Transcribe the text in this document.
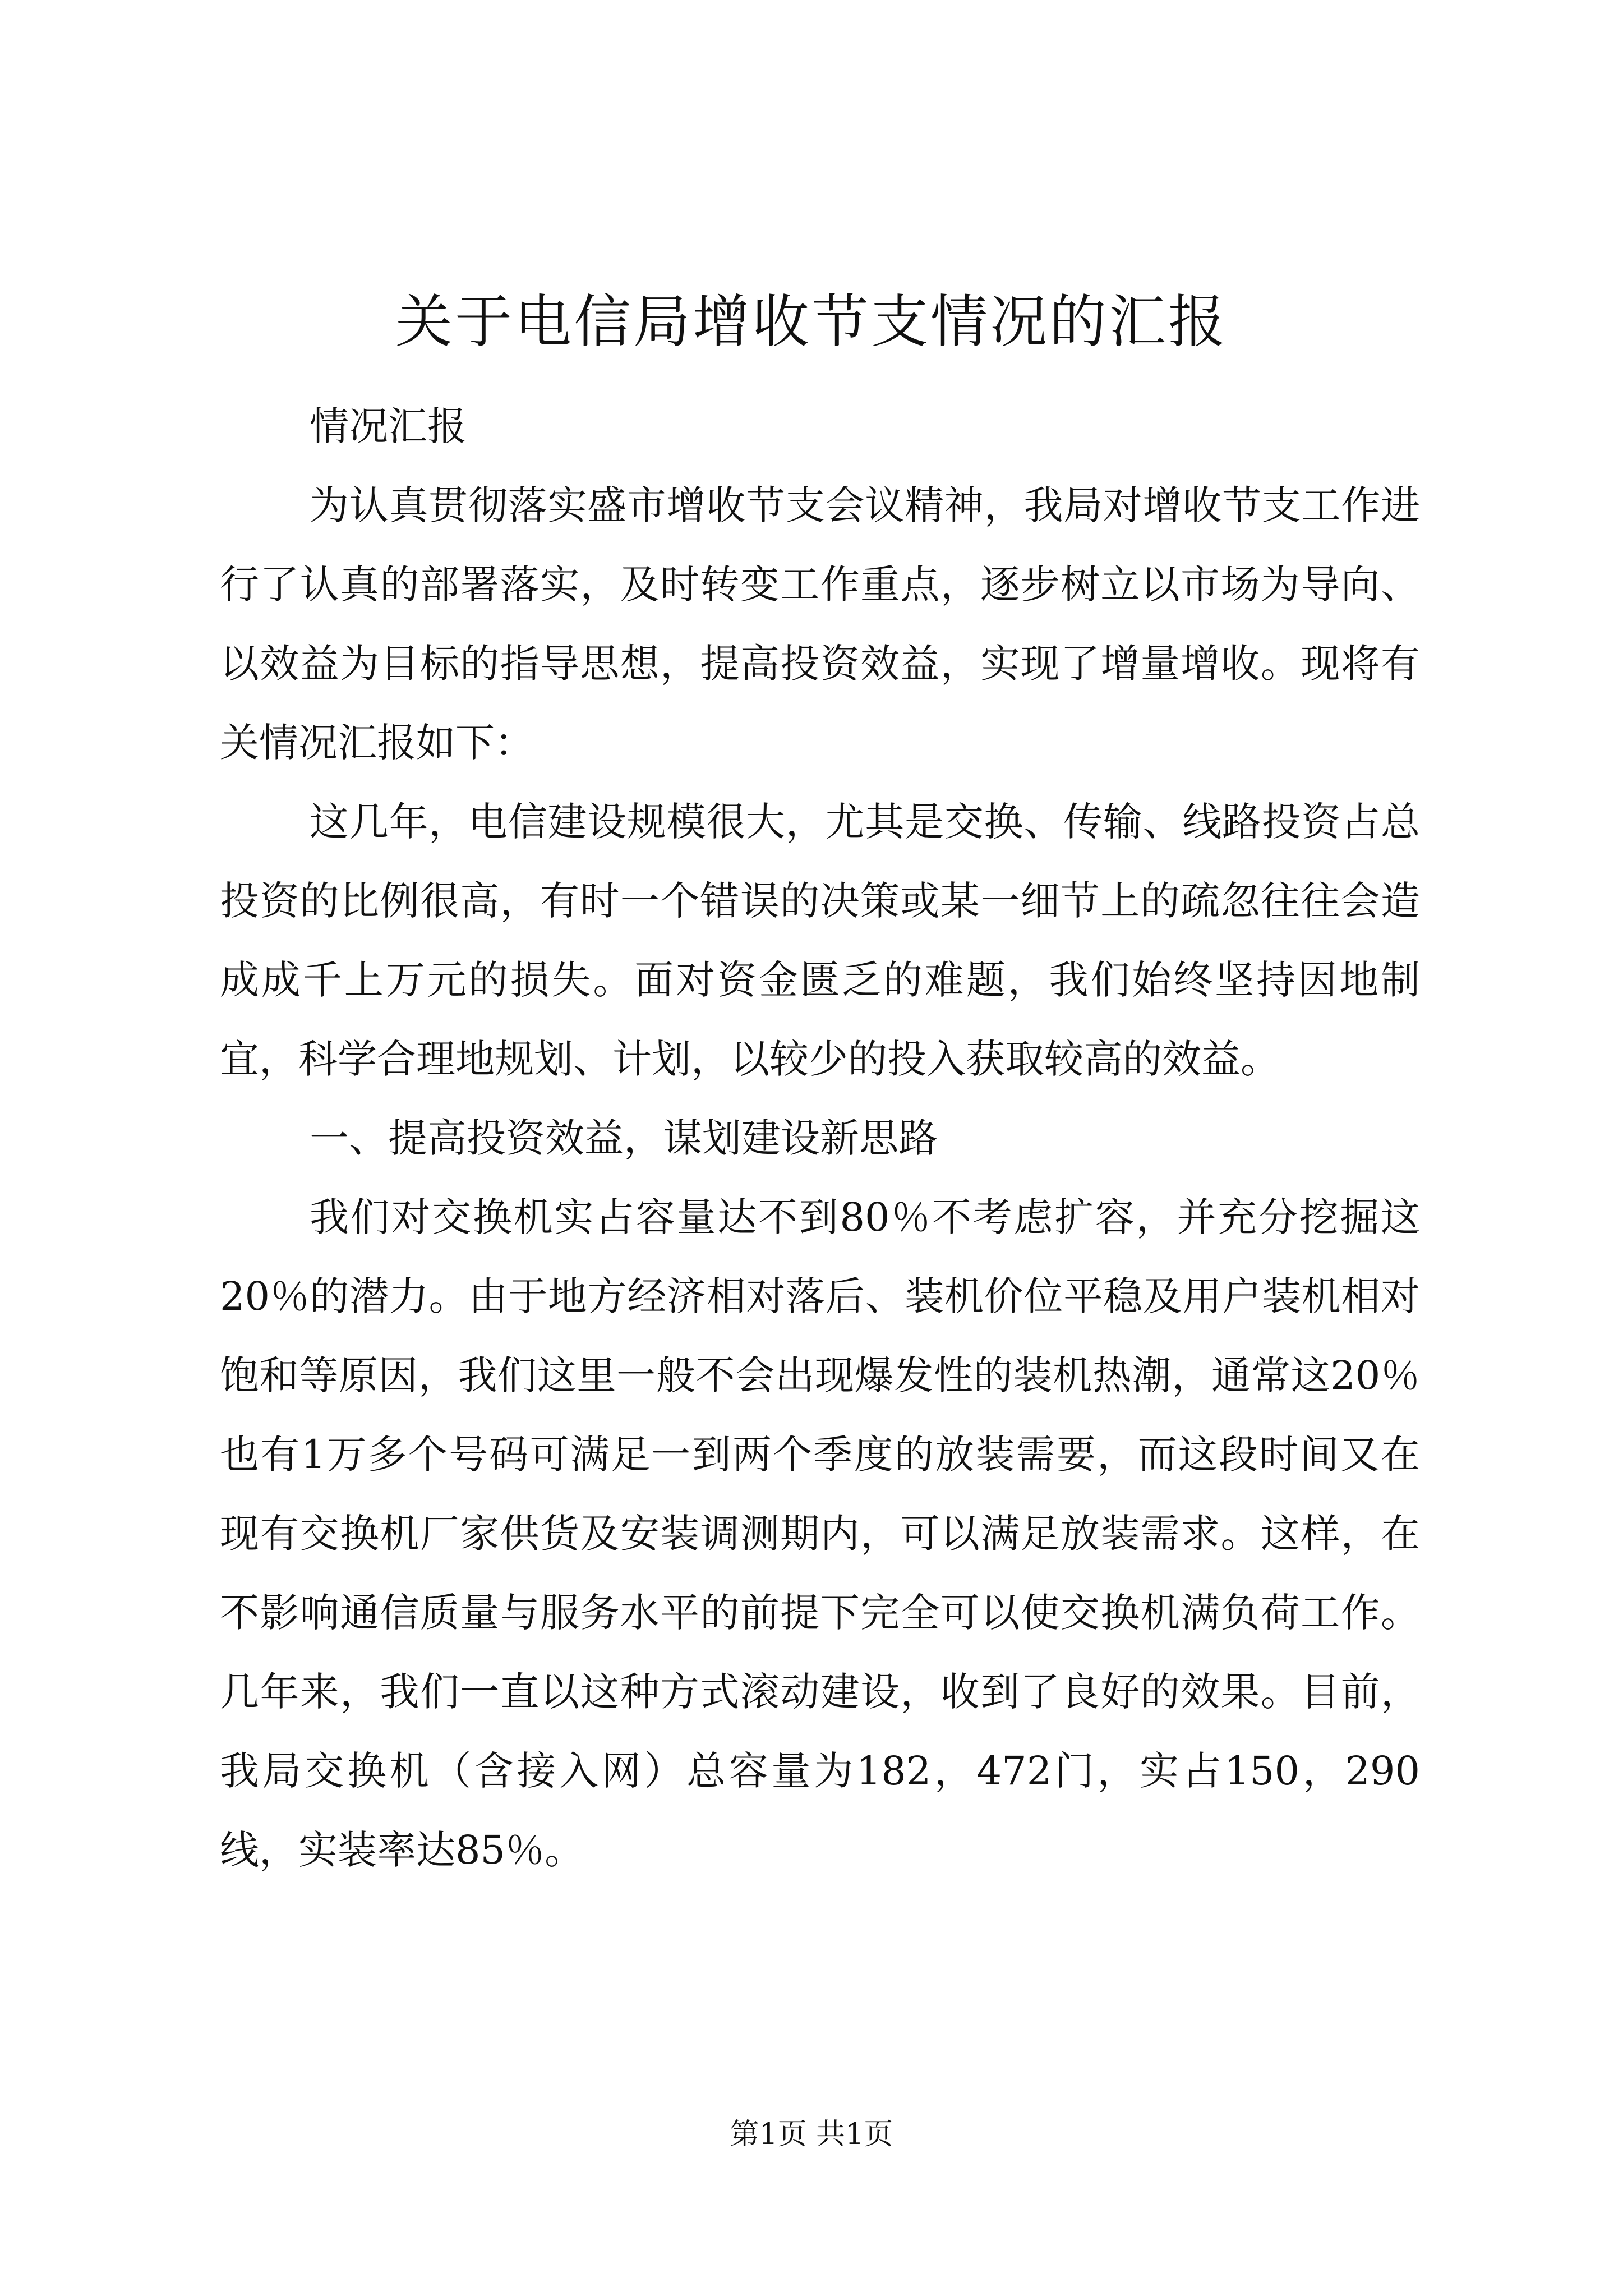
关于电信局增收节支情况的汇报

情况汇报

为认真贯彻落实盛市增收节支会议精神，我局对增收节支工作进行了认真的部署落实，及时转变工作重点，逐步树立以市场为导向、以效益为目标的指导思想，提高投资效益，实现了增量增收。现将有关情况汇报如下：

这几年，电信建设规模很大，尤其是交换、传输、线路投资占总投资的比例很高，有时一个错误的决策或某一细节上的疏忽往往会造成成千上万元的损失。面对资金匮乏的难题，我们始终坚持因地制宜，科学合理地规划、计划，以较少的投入获取较高的效益。

一、提高投资效益，谋划建设新思路

我们对交换机实占容量达不到80％不考虑扩容，并充分挖掘这20％的潜力。由于地方经济相对落后、装机价位平稳及用户装机相对饱和等原因，我们这里一般不会出现爆发性的装机热潮，通常这20％也有1万多个号码可满足一到两个季度的放装需要，而这段时间又在现有交换机厂家供货及安装调测期内，可以满足放装需求。这样，在不影响通信质量与服务水平的前提下完全可以使交换机满负荷工作。几年来，我们一直以这种方式滚动建设，收到了良好的效果。目前，我局交换机（含接入网）总容量为182，472门，实占150，290线，实装率达85％。

第1页 共1页
